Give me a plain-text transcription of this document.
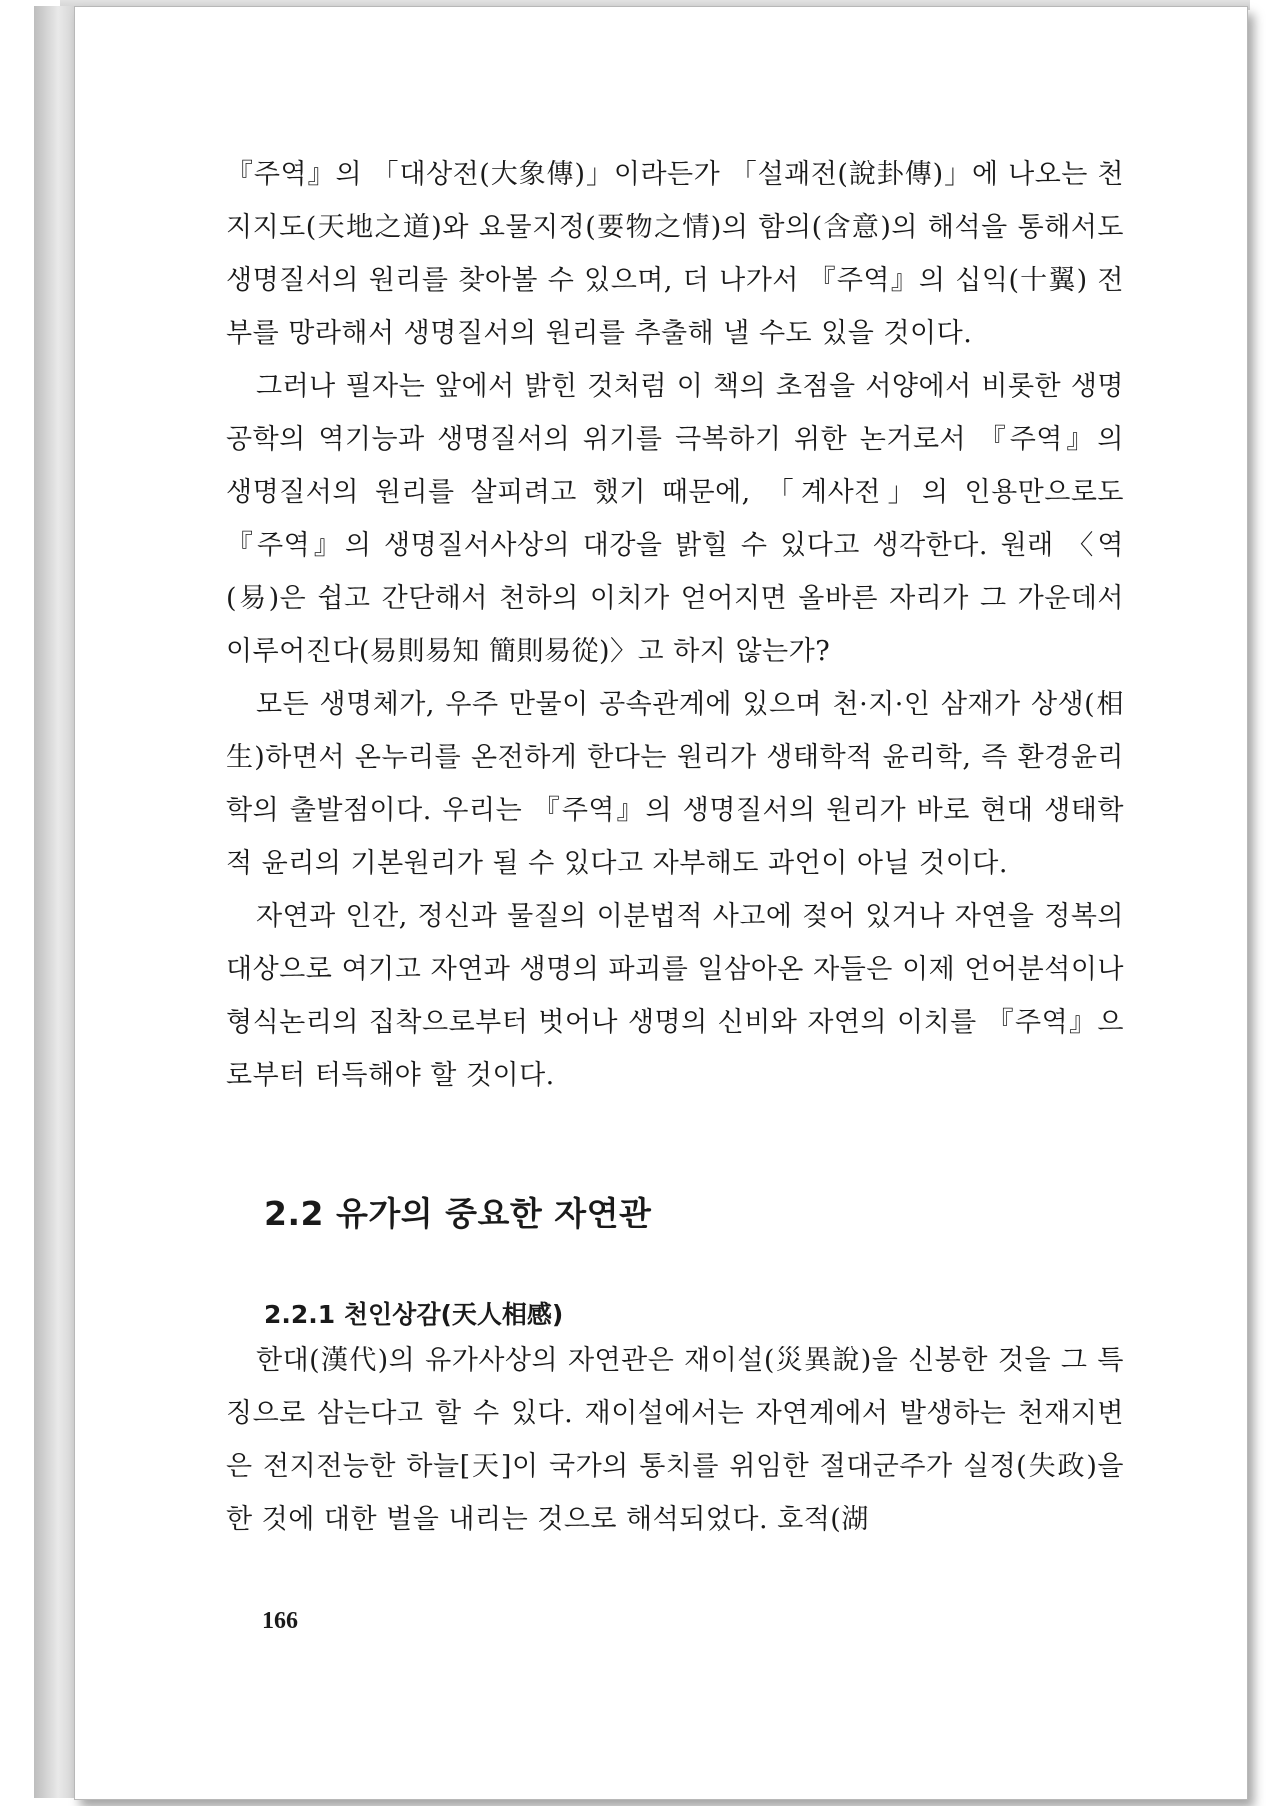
『주역』의 「대상전(大象傳)」이라든가 「설괘전(說卦傳)」에 나오는 천지지도(天地之道)와 요물지정(要物之情)의 함의(含意)의 해석을 통해서도 생명질서의 원리를 찾아볼 수 있으며, 더 나가서 『주역』의 십익(十翼) 전부를 망라해서 생명질서의 원리를 추출해 낼 수도 있을 것이다.

그러나 필자는 앞에서 밝힌 것처럼 이 책의 초점을 서양에서 비롯한 생명공학의 역기능과 생명질서의 위기를 극복하기 위한 논거로서 『주역』의 생명질서의 원리를 살피려고 했기 때문에, 「계사전」의 인용만으로도 『주역』의 생명질서사상의 대강을 밝힐 수 있다고 생각한다. 원래 〈역(易)은 쉽고 간단해서 천하의 이치가 얻어지면 올바른 자리가 그 가운데서 이루어진다(易則易知 簡則易從)〉고 하지 않는가?

모든 생명체가, 우주 만물이 공속관계에 있으며 천·지·인 삼재가 상생(相生)하면서 온누리를 온전하게 한다는 원리가 생태학적 윤리학, 즉 환경윤리학의 출발점이다. 우리는 『주역』의 생명질서의 원리가 바로 현대 생태학적 윤리의 기본원리가 될 수 있다고 자부해도 과언이 아닐 것이다.

자연과 인간, 정신과 물질의 이분법적 사고에 젖어 있거나 자연을 정복의 대상으로 여기고 자연과 생명의 파괴를 일삼아온 자들은 이제 언어분석이나 형식논리의 집착으로부터 벗어나 생명의 신비와 자연의 이치를 『주역』으로부터 터득해야 할 것이다.

2.2 유가의 중요한 자연관
2.2.1 천인상감(天人相感)

한대(漢代)의 유가사상의 자연관은 재이설(災異說)을 신봉한 것을 그 특징으로 삼는다고 할 수 있다. 재이설에서는 자연계에서 발생하는 천재지변은 전지전능한 하늘[天]이 국가의 통치를 위임한 절대군주가 실정(失政)을 한 것에 대한 벌을 내리는 것으로 해석되었다. 호적(湖

166
